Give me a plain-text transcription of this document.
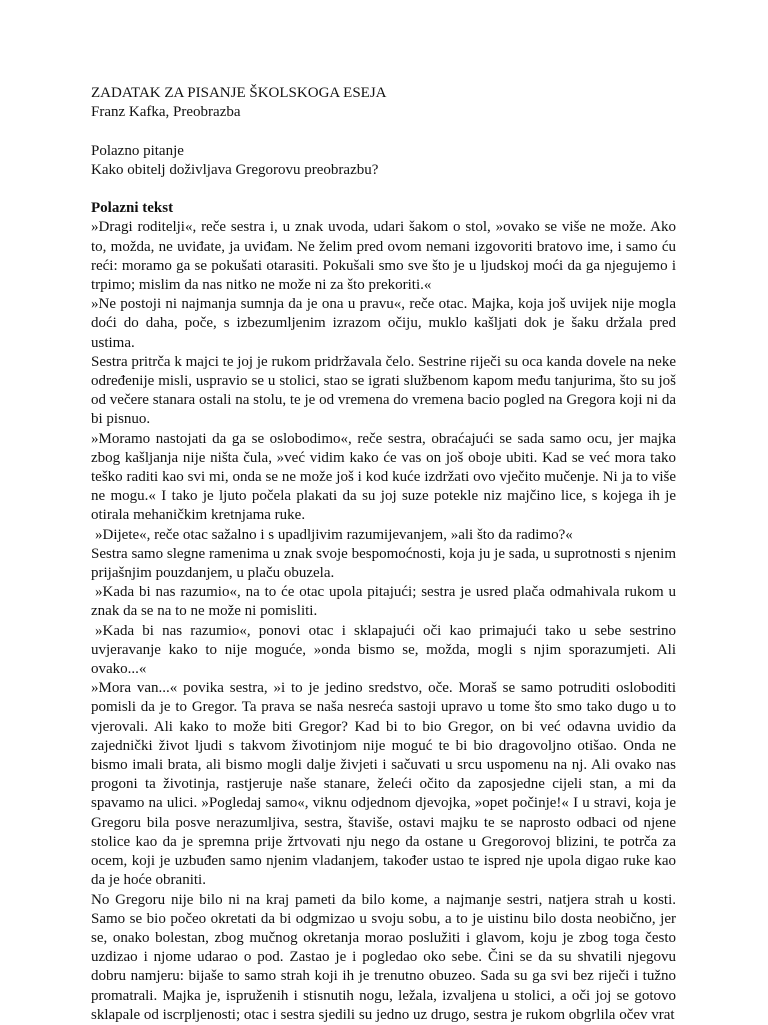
ZADATAK ZA PISANJE ŠKOLSKOGA ESEJA

Franz Kafka, Preobrazba

Polazno pitanje

Kako obitelj doživljava Gregorovu preobrazbu?

Polazni tekst

»Dragi roditelji«, reče sestra i, u znak uvoda, udari šakom o stol, »ovako se više ne može. Ako to, možda, ne uviđate, ja uviđam. Ne želim pred ovom nemani izgovoriti bratovo ime, i samo ću reći: moramo ga se pokušati otarasiti. Pokušali smo sve što je u ljudskoj moći da ga njegujemo i trpimo; mislim da nas nitko ne može ni za što prekoriti.«

»Ne postoji ni najmanja sumnja da je ona u pravu«, reče otac. Majka, koja još uvijek nije mogla doći do daha, poče, s izbezumljenim izrazom očiju, muklo kašljati dok je šaku držala pred ustima.

Sestra pritrča k majci te joj je rukom pridržavala čelo. Sestrine riječi su oca kanda dovele na neke određenije misli, uspravio se u stolici, stao se igrati službenom kapom među tanjurima, što su još od večere stanara ostali na stolu, te je od vremena do vremena bacio pogled na Gregora koji ni da bi pisnuo.

»Moramo nastojati da ga se oslobodimo«, reče sestra, obraćajući se sada samo ocu, jer majka zbog kašljanja nije ništa čula, »već vidim kako će vas on još oboje ubiti. Kad se već mora tako teško raditi kao svi mi, onda se ne može još i kod kuće izdržati ovo vječito mučenje. Ni ja to više ne mogu.« I tako je ljuto počela plakati da su joj suze potekle niz majčino lice, s kojega ih je otirala mehaničkim kretnjama ruke.

»Dijete«, reče otac sažalno i s upadljivim razumijevanjem, »ali što da radimo?«

Sestra samo slegne ramenima u znak svoje bespomoćnosti, koja ju je sada, u suprotnosti s njenim prijašnjim pouzdanjem, u plaču obuzela.

»Kada bi nas razumio«, na to će otac upola pitajući; sestra je usred plača odmahivala rukom u znak da se na to ne može ni pomisliti.

»Kada bi nas razumio«, ponovi otac i sklapajući oči kao primajući tako u sebe sestrino uvjeravanje kako to nije moguće, »onda bismo se, možda, mogli s njim sporazumjeti. Ali ovako...«

»Mora van...« povika sestra, »i to je jedino sredstvo, oče. Moraš se samo potruditi osloboditi pomisli da je to Gregor. Ta prava se naša nesreća sastoji upravo u tome što smo tako dugo u to vjerovali. Ali kako to može biti Gregor? Kad bi to bio Gregor, on bi već odavna uvidio da zajednički život ljudi s takvom životinjom nije moguć te bi bio dragovoljno otišao. Onda ne bismo imali brata, ali bismo mogli dalje živjeti i sačuvati u srcu uspomenu na nj. Ali ovako nas progoni ta životinja, rastjeruje naše stanare, želeći očito da zaposjedne cijeli stan, a mi da spavamo na ulici. »Pogledaj samo«, viknu odjednom djevojka, »opet počinje!« I u stravi, koja je Gregoru bila posve nerazumljiva, sestra, štaviše, ostavi majku te se naprosto odbaci od njene stolice kao da je spremna prije žrtvovati nju nego da ostane u Gregorovoj blizini, te potrča za ocem, koji je uzbuđen samo njenim vladanjem, također ustao te ispred nje upola digao ruke kao da je hoće obraniti.

No Gregoru nije bilo ni na kraj pameti da bilo kome, a najmanje sestri, natjera strah u kosti. Samo se bio počeo okretati da bi odgmizao u svoju sobu, a to je uistinu bilo dosta neobično, jer se, onako bolestan, zbog mučnog okretanja morao poslužiti i glavom, koju je zbog toga često uzdizao i njome udarao o pod. Zastao je i pogledao oko sebe. Čini se da su shvatili njegovu dobru namjeru: bijaše to samo strah koji ih je trenutno obuzeo. Sada su ga svi bez riječi i tužno promatrali. Majka je, ispruženih i stisnutih nogu, ležala, izvaljena u stolici, a oči joj se gotovo sklapale od iscrpljenosti; otac i sestra sjedili su jedno uz drugo, sestra je rukom obgrlila očev vrat
